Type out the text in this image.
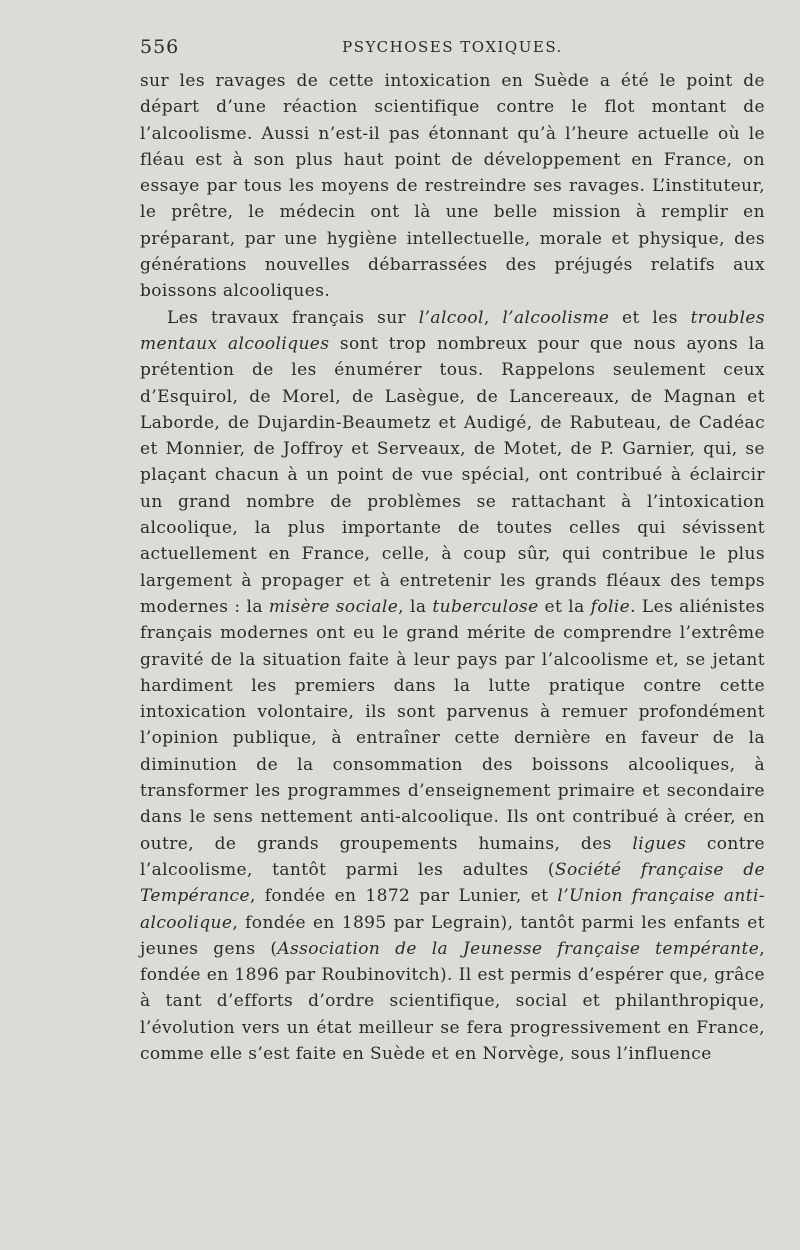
556	PSYCHOSES TOXIQUES.

sur les ravages de cette intoxication en Suède a été le point de départ d’une réaction scientifique contre le flot montant de l’alcoolisme. Aussi n’est-il pas étonnant qu’à l’heure actuelle où le fléau est à son plus haut point de développement en France, on essaye par tous les moyens de restreindre ses ravages. L’instituteur, le prêtre, le médecin ont là une belle mission à remplir en préparant, par une hygiène intellectuelle, morale et physique, des générations nouvelles débarrassées des préjugés relatifs aux boissons alcooliques.

Les travaux français sur l’alcool, l’alcoolisme et les troubles mentaux alcooliques sont trop nombreux pour que nous ayons la prétention de les énumérer tous. Rappelons seulement ceux d’Esquirol, de Morel, de Lasègue, de Lancereaux, de Magnan et Laborde, de Dujardin-Beaumetz et Audigé, de Rabuteau, de Cadéac et Monnier, de Joffroy et Serveaux, de Motet, de P. Garnier, qui, se plaçant chacun à un point de vue spécial, ont contribué à éclaircir un grand nombre de problèmes se rattachant à l’intoxication alcoolique, la plus importante de toutes celles qui sévissent actuellement en France, celle, à coup sûr, qui contribue le plus largement à propager et à entretenir les grands fléaux des temps modernes : la misère sociale, la tuberculose et la folie. Les aliénistes français modernes ont eu le grand mérite de comprendre l’extrême gravité de la situation faite à leur pays par l’alcoolisme et, se jetant hardiment les premiers dans la lutte pratique contre cette intoxication volontaire, ils sont parvenus à remuer profondément l’opinion publique, à entraîner cette dernière en faveur de la diminution de la consommation des boissons alcooliques, à transformer les programmes d’enseignement primaire et secondaire dans le sens nettement anti-alcoolique. Ils ont contribué à créer, en outre, de grands groupements humains, des ligues contre l’alcoolisme, tantôt parmi les adultes (Société française de Tempérance, fondée en 1872 par Lunier, et l’Union française anti-alcoolique, fondée en 1895 par Legrain), tantôt parmi les enfants et jeunes gens (Association de la Jeunesse française tempérante, fondée en 1896 par Roubinovitch). Il est permis d’espérer que, grâce à tant d’efforts d’ordre scientifique, social et philanthropique, l’évolution vers un état meilleur se fera progressivement en France, comme elle s’est faite en Suède et en Norvège, sous l’influence
